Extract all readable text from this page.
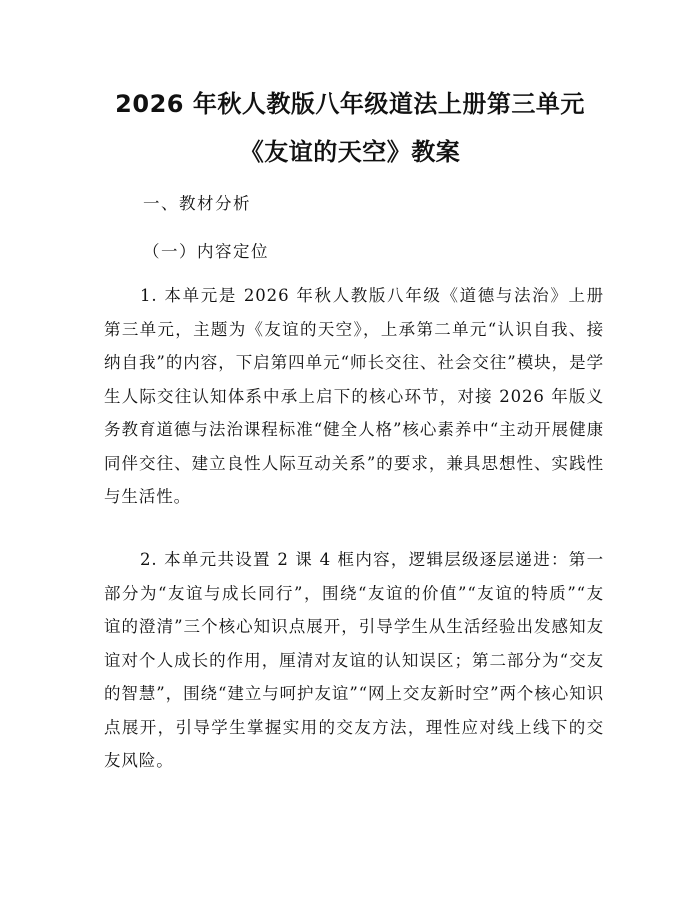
2026 年秋人教版八年级道法上册第三单元
《友谊的天空》教案
一、教材分析
（一）内容定位
1. 本单元是 2026 年秋人教版八年级《道德与法治》上册第三单元，主题为《友谊的天空》，上承第二单元“认识自我、接纳自我”的内容，下启第四单元“师长交往、社会交往”模块，是学生人际交往认知体系中承上启下的核心环节，对接 2026 年版义务教育道德与法治课程标准“健全人格”核心素养中“主动开展健康同伴交往、建立良性人际互动关系”的要求，兼具思想性、实践性与生活性。
2. 本单元共设置 2 课 4 框内容，逻辑层级逐层递进：第一部分为“友谊与成长同行”，围绕“友谊的价值”“友谊的特质”“友谊的澄清”三个核心知识点展开，引导学生从生活经验出发感知友谊对个人成长的作用，厘清对友谊的认知误区；第二部分为“交友的智慧”，围绕“建立与呵护友谊”“网上交友新时空”两个核心知识点展开，引导学生掌握实用的交友方法，理性应对线上线下的交友风险。
